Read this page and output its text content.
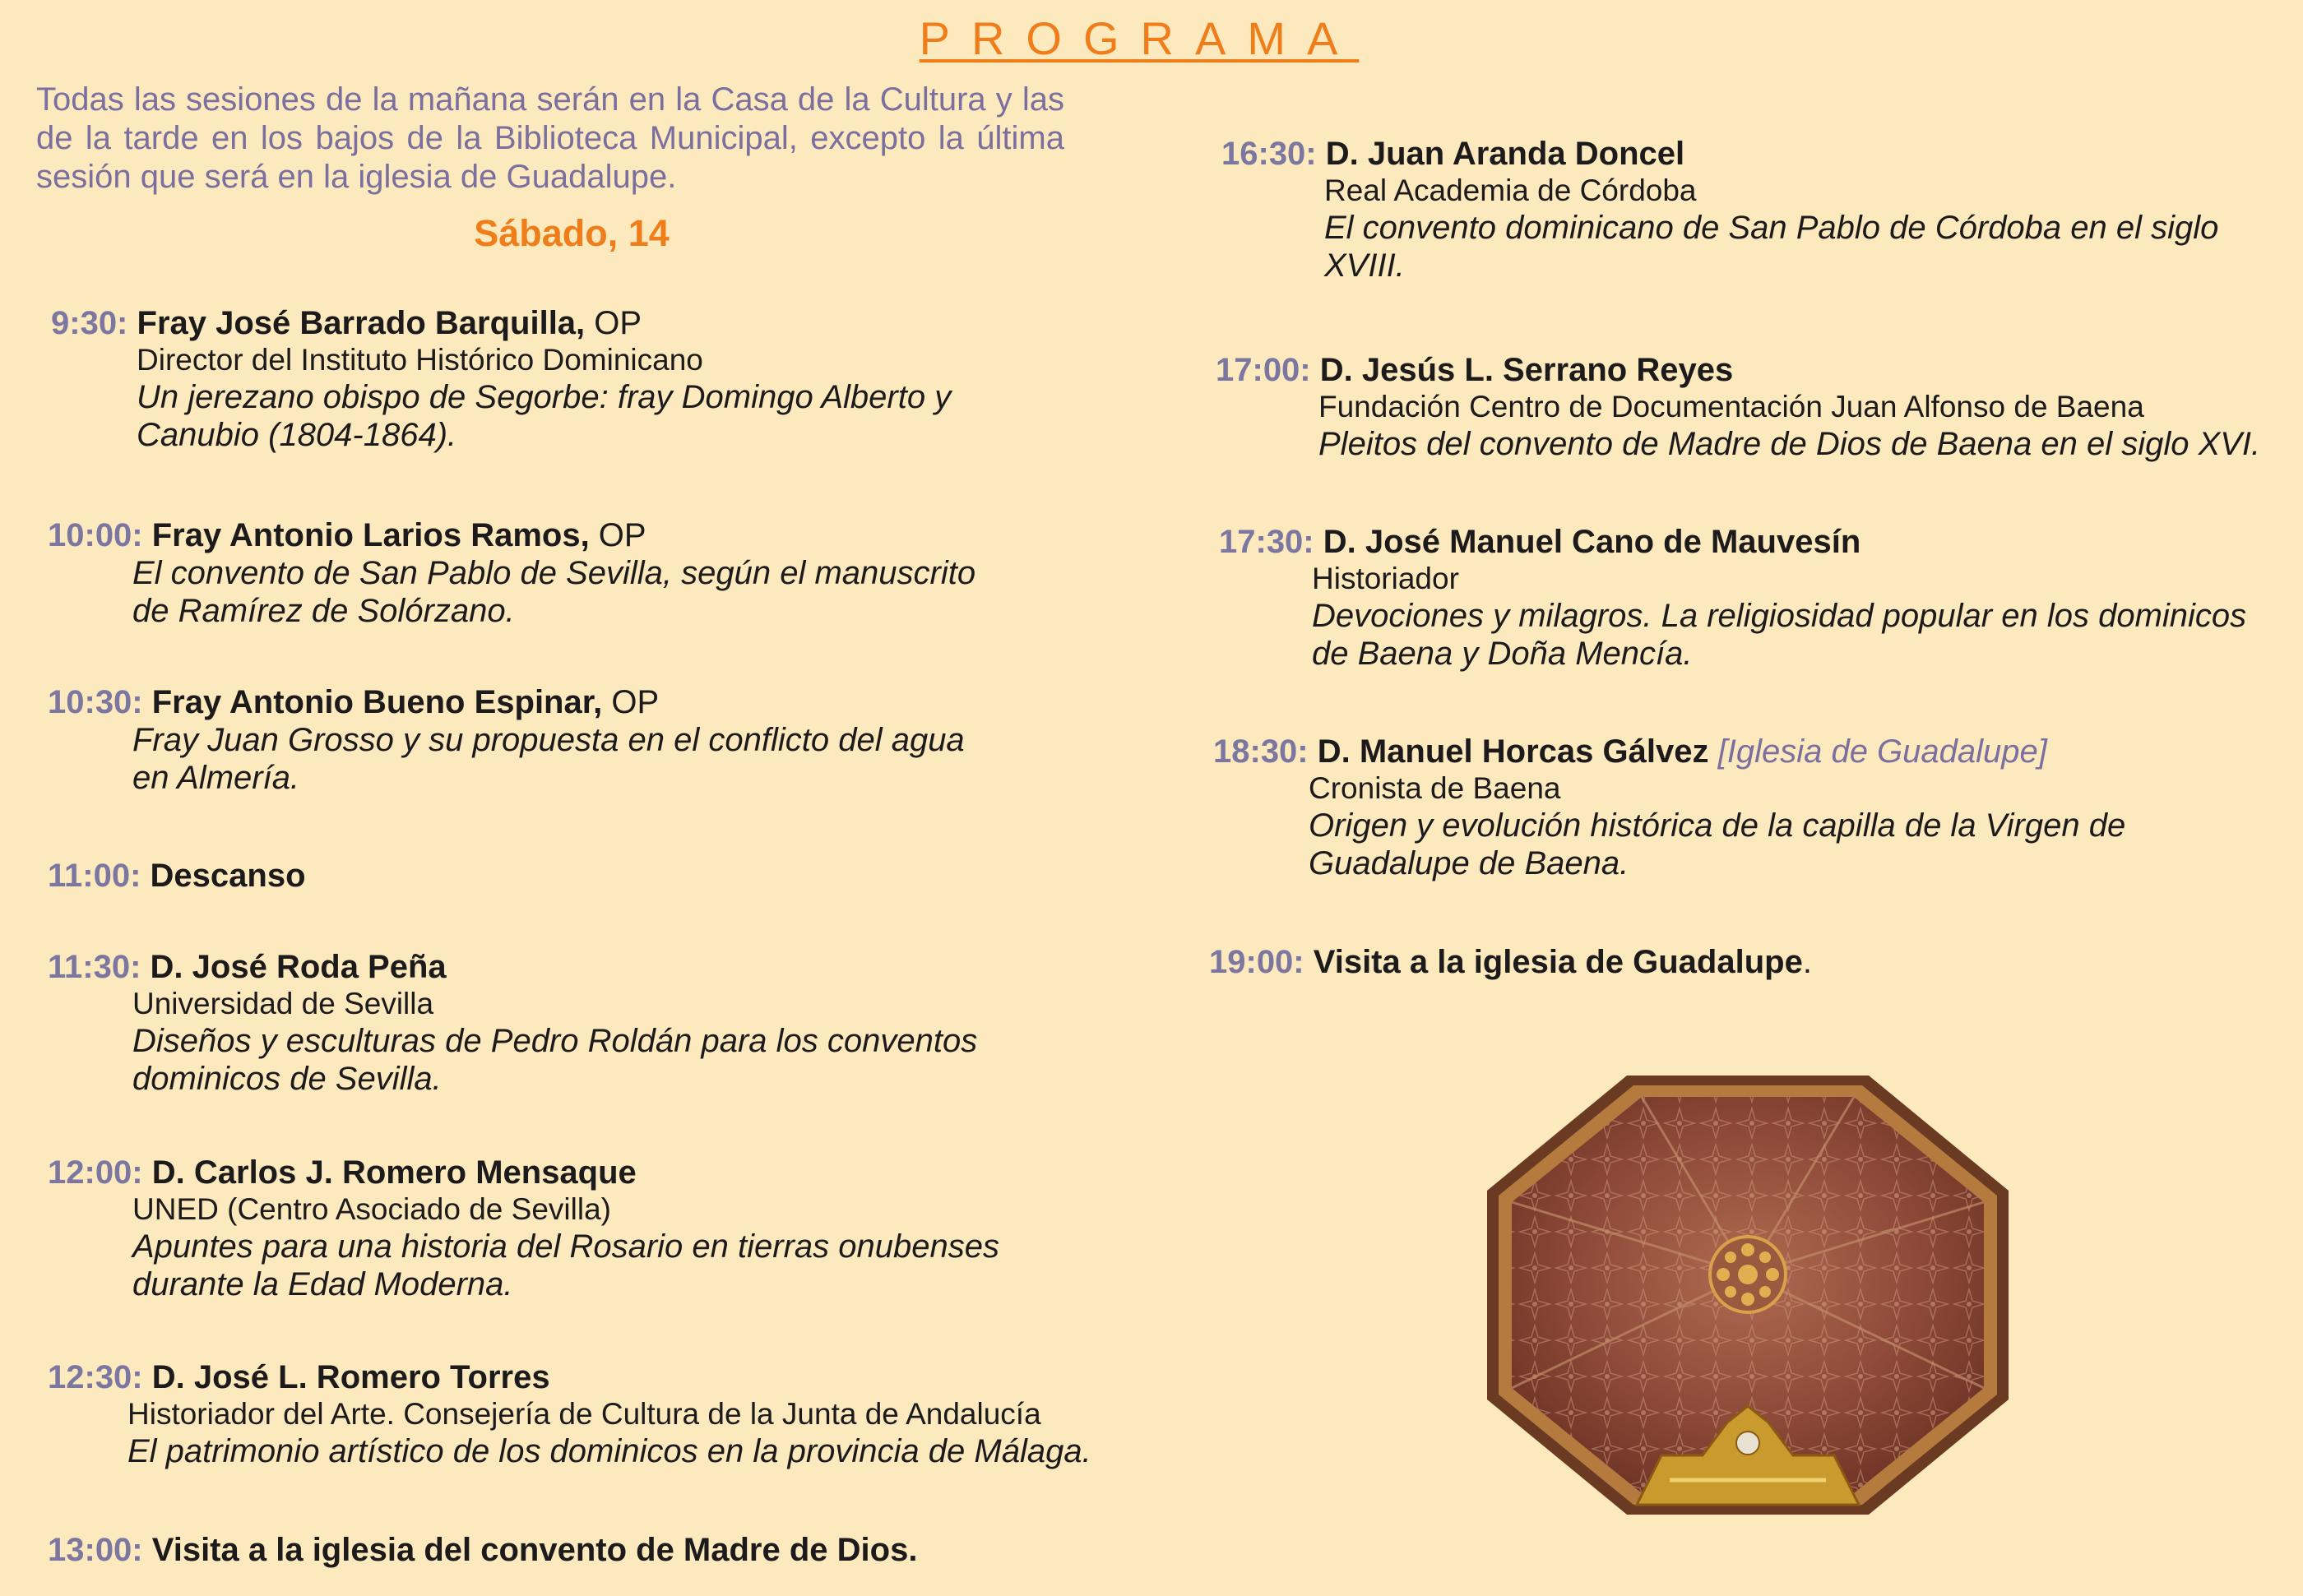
PROGRAMA
Todas las sesiones de la mañana serán en la Casa de la Cultura y las de la tarde en los bajos de la Biblioteca Municipal, excepto la última sesión que será en la iglesia de Guadalupe.
Sábado, 14
9:30: Fray José Barrado Barquilla, OP
Director del Instituto Histórico Dominicano
Un jerezano obispo de Segorbe: fray Domingo Alberto y
Canubio (1804-1864).
10:00: Fray Antonio Larios Ramos, OP
El convento de San Pablo de Sevilla, según el manuscrito
de Ramírez de Solórzano.
10:30: Fray Antonio Bueno Espinar, OP
Fray Juan Grosso y su propuesta en el conflicto del agua
en Almería.
11:00: Descanso
11:30: D. José Roda Peña
Universidad de Sevilla
Diseños y esculturas de Pedro Roldán para los conventos
dominicos de Sevilla.
12:00: D. Carlos J. Romero Mensaque
UNED (Centro Asociado de Sevilla)
Apuntes para una historia del Rosario en tierras onubenses
durante la Edad Moderna.
12:30: D. José L. Romero Torres
Historiador del Arte. Consejería de Cultura de la Junta de Andalucía
El patrimonio artístico de los dominicos en la provincia de Málaga.
13:00: Visita a la iglesia del convento de Madre de Dios.
16:30: D. Juan Aranda Doncel
Real Academia de Córdoba
El convento dominicano de San Pablo de Córdoba en el siglo
XVIII.
17:00: D. Jesús L. Serrano Reyes
Fundación Centro de Documentación Juan Alfonso de Baena
Pleitos del convento de Madre de Dios de Baena en el siglo XVI.
17:30: D. José Manuel Cano de Mauvesín
Historiador
Devociones y milagros. La religiosidad popular en los dominicos
de Baena y Doña Mencía.
18:30: D. Manuel Horcas Gálvez [Iglesia de Guadalupe]
Cronista de Baena
Origen y evolución histórica de la capilla de la Virgen de
Guadalupe de Baena.
19:00: Visita a la iglesia de Guadalupe.
